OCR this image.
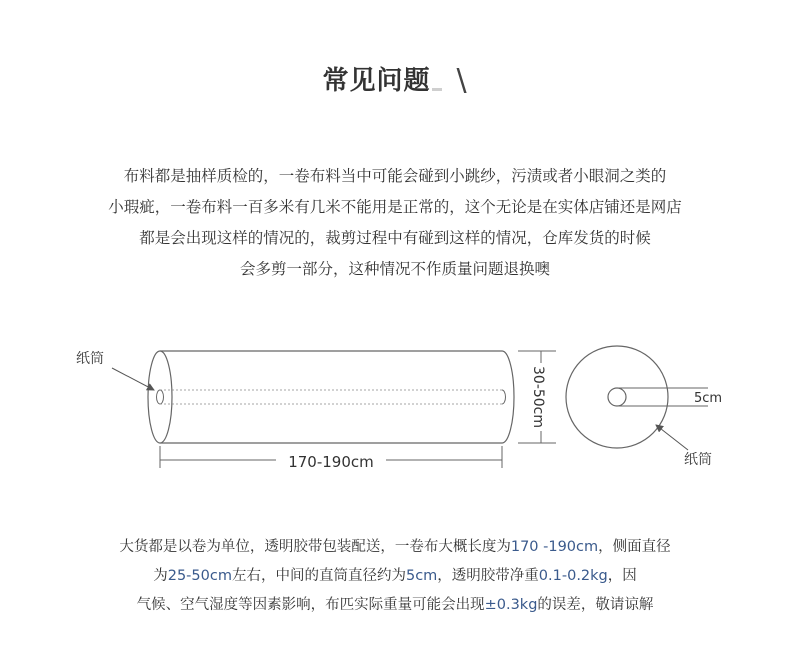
常见问题 \
布料都是抽样质检的，一卷布料当中可能会碰到小跳纱，污渍或者小眼洞之类的
小瑕疵，一卷布料一百多米有几米不能用是正常的，这个无论是在实体店铺还是网店
都是会出现这样的情况的，裁剪过程中有碰到这样的情况，仓库发货的时候
会多剪一部分，这种情况不作质量问题退换噢
纸筒
170-190cm
30-50cm	5cm
纸筒
大货都是以卷为单位，透明胶带包装配送，一卷布大概长度为170 -190cm，侧面直径
为25-50cm左右，中间的直筒直径约为5cm，透明胶带净重0.1-0.2kg，因
气候、空气湿度等因素影响，布匹实际重量可能会出现±0.3kg的误差，敬请谅解
